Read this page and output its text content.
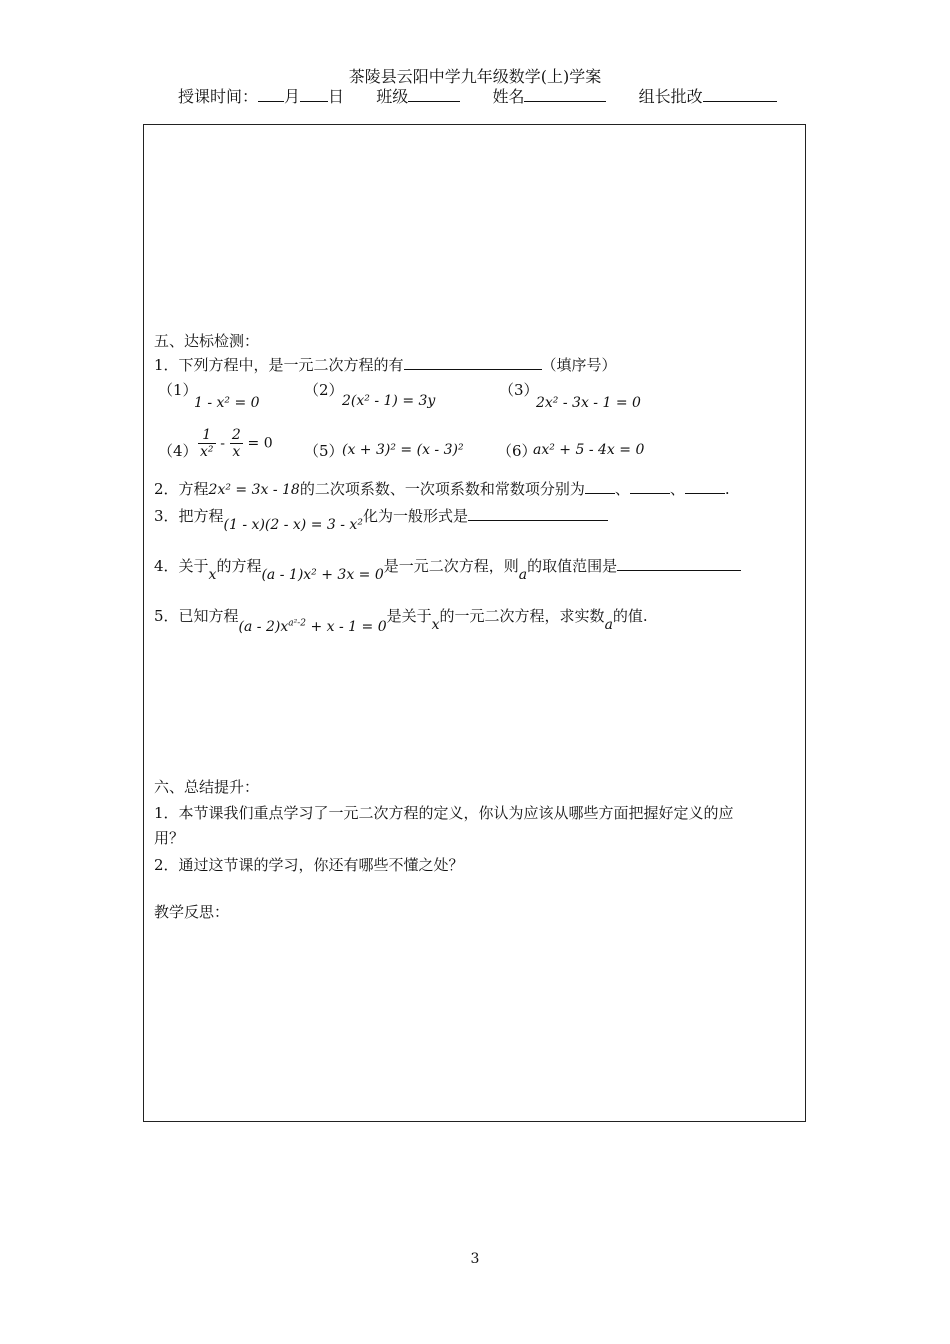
茶陵县云阳中学九年级数学(上)学案
授课时间： 月 日 班级	姓名	组长批改
五、达标检测：
1．下列方程中，是一元二次方程的有	（填序号）
（1）
1 - x² = 0
（2）
2(x² - 1) = 3y
（3）
2x² - 3x - 1 = 0
$(4) \frac{1}{\text{x²}} - \frac{2}{x} = 0$ （5）
(x + 3)² = (x - 3)² （6）
ax² + 5 - 4x = 0
2．方程2x² = 3x - 18的二次项系数、一次项系数和常数项分别为 、	、	.
3．把方程(1 - x)(2 - x) = 3 - x²化为一般形式是
4．关于x的方程(a - 1)x² + 3x = 0是一元二次方程，则a的取值范围是
5．已知方程$(a - 2)x^{a^2-2} + x - 1 = 0$是关于x的一元二次方程，求实数a的值.
六、总结提升：
1．本节课我们重点学习了一元二次方程的定义，你认为应该从哪些方面把握好定义的应
用？
2．通过这节课的学习，你还有哪些不懂之处？
教学反思：
3
